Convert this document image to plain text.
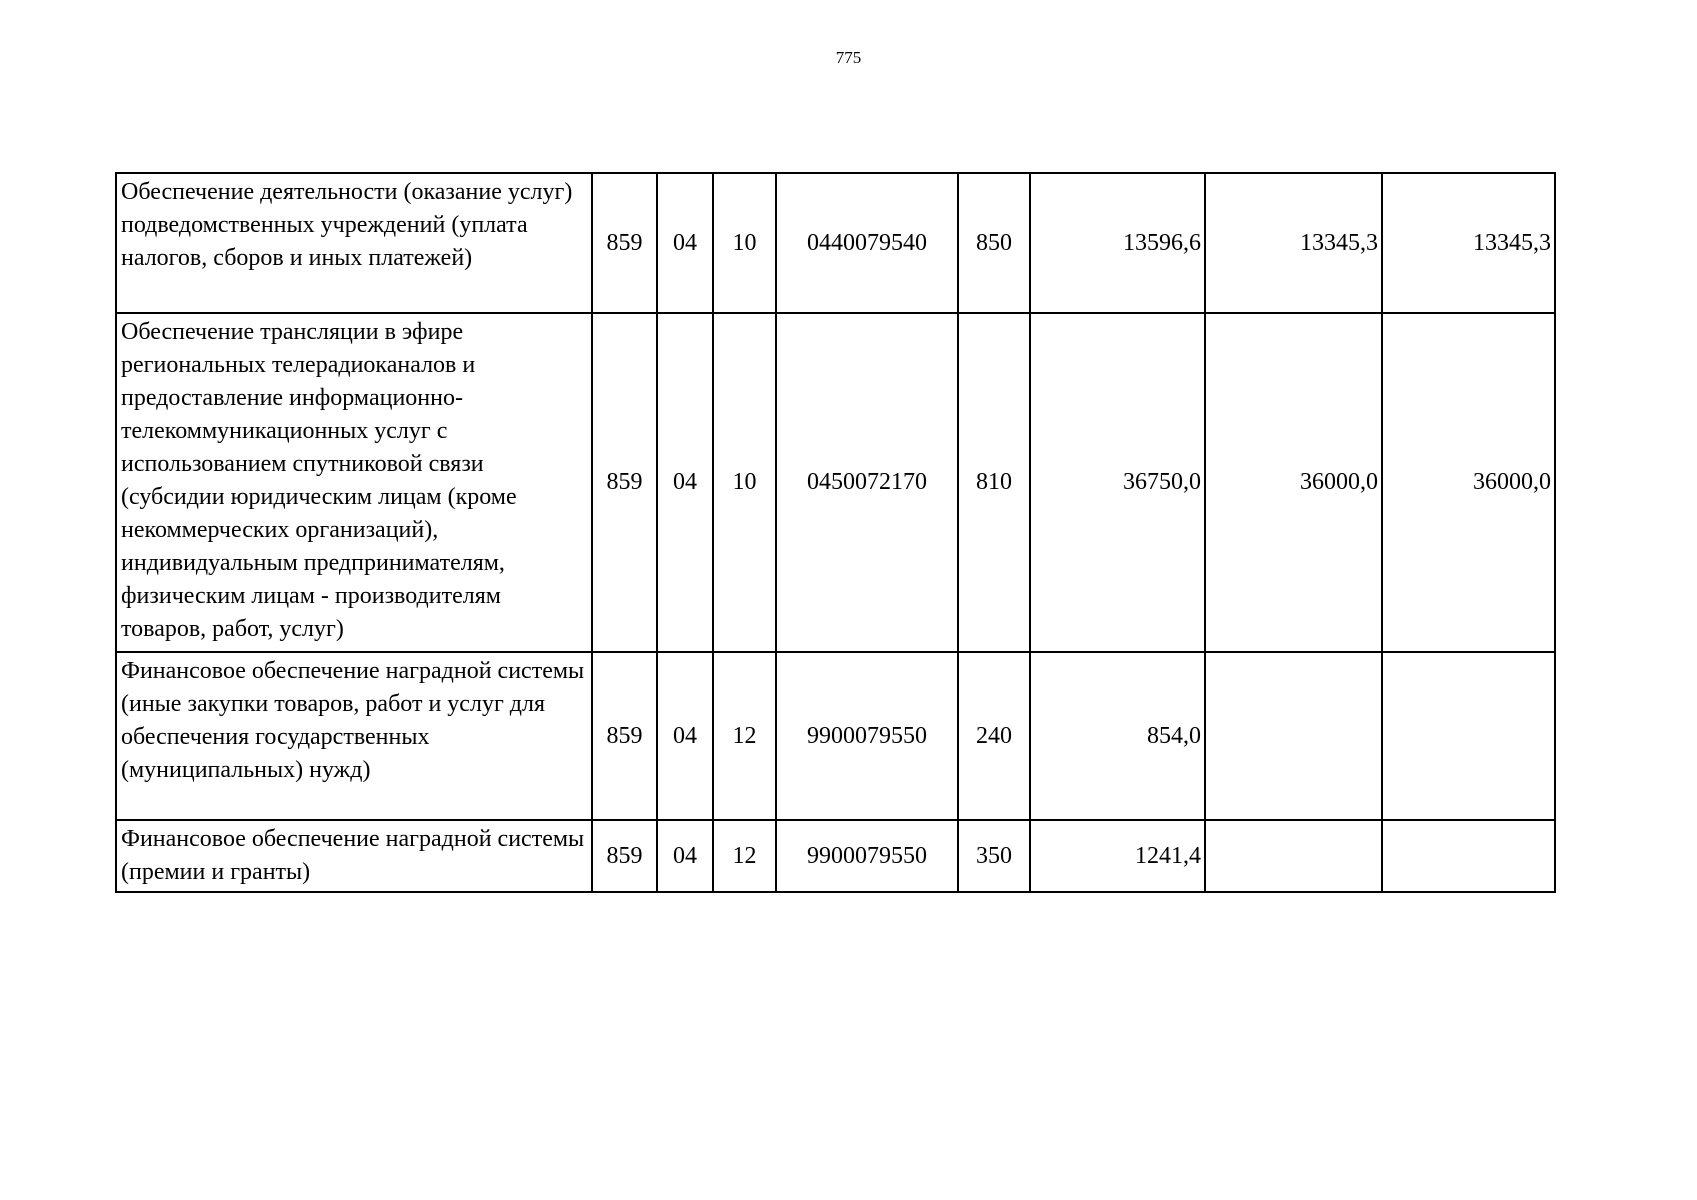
775
Обеспечение деятельности (оказание услуг) подведомственных учреждений (уплата налогов, сборов и иных платежей)	859	04	10	0440079540	850	13596,6	13345,3	13345,3
Обеспечение трансляции в эфире региональных телерадиоканалов и предоставление информационно-телекоммуникационных услуг с использованием спутниковой связи (субсидии юридическим лицам (кроме некоммерческих организаций), индивидуальным предпринимателям, физическим лицам - производителям товаров, работ, услуг)	859	04	10	0450072170	810	36750,0	36000,0	36000,0
Финансовое обеспечение наградной системы (иные закупки товаров, работ и услуг для обеспечения государственных (муниципальных) нужд)	859	04	12	9900079550	240	854,0		
Финансовое обеспечение наградной системы (премии и гранты)	859	04	12	9900079550	350	1241,4		
